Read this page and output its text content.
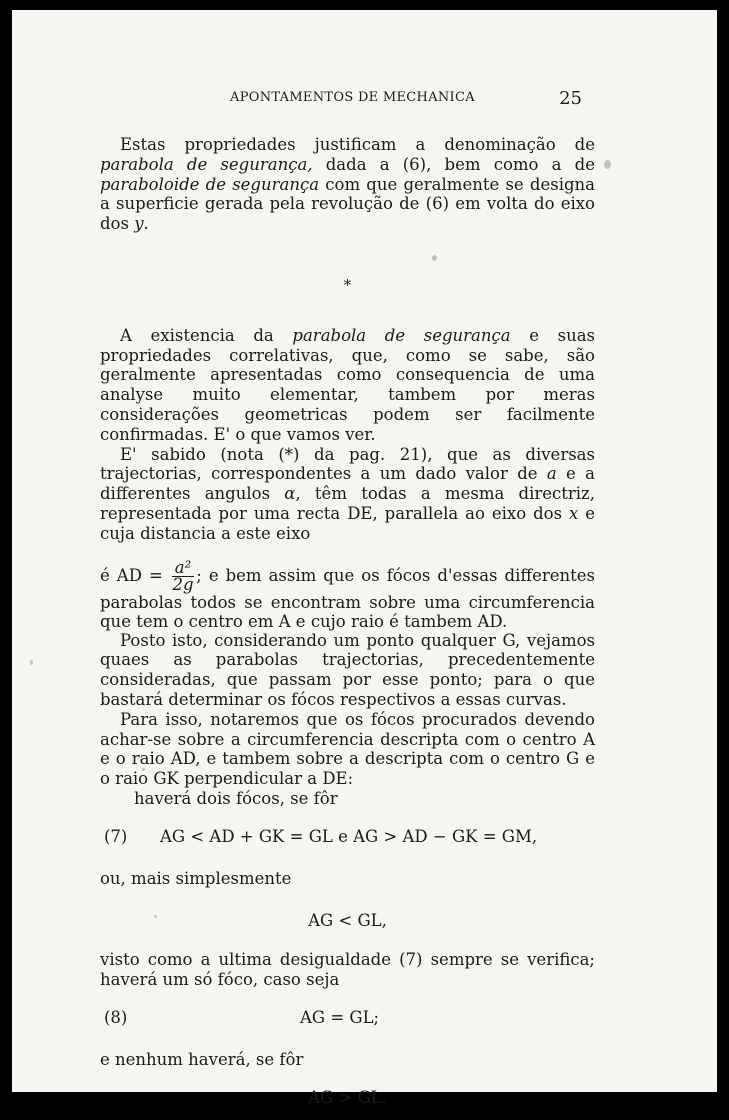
APONTAMENTOS DE MECHANICA	25

Estas propriedades justificam a denominação de parabola de segurança, dada a (6), bem como a de paraboloide de segurança com que geralmente se designa a superficie gerada pela revolução de (6) em volta do eixo dos y.

*

A existencia da parabola de segurança e suas propriedades correlativas, que, como se sabe, são geralmente apresentadas como consequencia de uma analyse muito elementar, tambem por meras considerações geometricas podem ser facilmente confirmadas. E' o que vamos ver.

E' sabido (nota (*) da pag. 21), que as diversas trajectorias, correspondentes a um dado valor de a e a differentes angulos α, têm todas a mesma directriz, representada por uma recta DE, parallela ao eixo dos x e cuja distancia a este eixo

é AD = $\frac{\text{a²}}{2g}$ ; e bem assim que os fócos d'essas differentes parabolas todos se encontram sobre uma circumferencia que tem o centro em A e cujo raio é tambem AD.

Posto isto, considerando um ponto qualquer G, vejamos quaes as parabolas trajectorias, precedentemente consideradas, que passam por esse ponto; para o que bastará determinar os fócos respectivos a essas curvas.

Para isso, notaremos que os fócos procurados devendo achar-se sobre a circumferencia descripta com o centro A e o raio AD, e tambem sobre a descripta com o centro G e o raio GK perpendicular a DE:

haverá dois fócos, se fôr

(7) AG < AD + GK = GL e AG > AD − GK = GM,

ou, mais simplesmente

AG < GL,

visto como a ultima desigualdade (7) sempre se verifica; haverá um só fóco, caso seja

(8)	AG = GL;

e nenhum haverá, se fôr

AG > GL.
